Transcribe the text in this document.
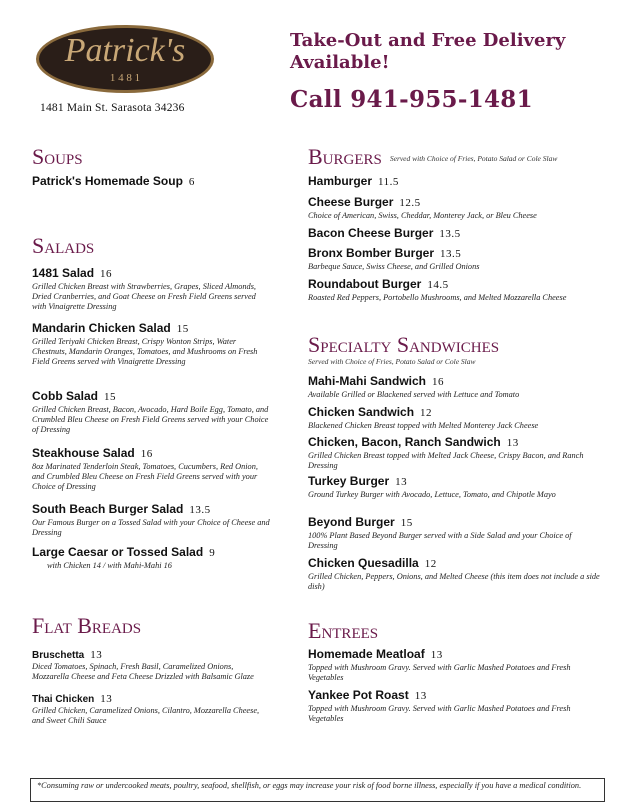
Patrick's
1 4 8 1
1481 Main St. Sarasota 34236
Take-Out and Free Delivery Available!
Call 941-955-1481
Soups
Patrick's Homemade Soup 6
Salads
1481 Salad 16
Grilled Chicken Breast with Strawberries, Grapes, Sliced Almonds, Dried Cranberries, and Goat Cheese on Fresh Field Greens served with Vinaigrette Dressing
Mandarin Chicken Salad 15
Grilled Teriyaki Chicken Breast, Crispy Wonton Strips, Water Chestnuts, Mandarin Oranges, Tomatoes, and Mushrooms on Fresh Field Greens served with Vinaigrette Dressing
Cobb Salad 15
Grilled Chicken Breast, Bacon, Avocado, Hard Boile Egg, Tomato, and Crumbled Bleu Cheese on Fresh Field Greens served with your Choice of Dressing
Steakhouse Salad 16
8oz Marinated Tenderloin Steak, Tomatoes, Cucumbers, Red Onion, and Crumbled Bleu Cheese on Fresh Field Greens served with your Choice of Dressing
South Beach Burger Salad 13.5
Our Famous Burger on a Tossed Salad with your Choice of Cheese and Dressing
Large Caesar or Tossed Salad 9
with Chicken 14 / with Mahi-Mahi 16
Flat Breads
Bruschetta 13
Diced Tomatoes, Spinach, Fresh Basil, Caramelized Onions, Mozzarella Cheese and Feta Cheese Drizzled with Balsamic Glaze
Thai Chicken 13
Grilled Chicken, Caramelized Onions, Cilantro, Mozzarella Cheese, and Sweet Chili Sauce
Burgers Served with Choice of Fries, Potato Salad or Cole Slaw
Hamburger 11.5
Cheese Burger 12.5
Choice of American, Swiss, Cheddar, Monterey Jack, or Bleu Cheese
Bacon Cheese Burger 13.5
Bronx Bomber Burger 13.5
Barbeque Sauce, Swiss Cheese, and Grilled Onions
Roundabout Burger 14.5
Roasted Red Peppers, Portobello Mushrooms, and Melted Mozzarella Cheese
Specialty Sandwiches
Served with Choice of Fries, Potato Salad or Cole Slaw
Mahi-Mahi Sandwich 16
Available Grilled or Blackened served with Lettuce and Tomato
Chicken Sandwich 12
Blackened Chicken Breast topped with Melted Monterey Jack Cheese
Chicken, Bacon, Ranch Sandwich 13
Grilled Chicken Breast topped with Melted Jack Cheese, Crispy Bacon, and Ranch Dressing
Turkey Burger 13
Ground Turkey Burger with Avocado, Lettuce, Tomato, and Chipotle Mayo
Beyond Burger 15
100% Plant Based Beyond Burger served with a Side Salad and your Choice of Dressing
Chicken Quesadilla 12
Grilled Chicken, Peppers, Onions, and Melted Cheese (this item does not include a side dish)
Entrees
Homemade Meatloaf 13
Topped with Mushroom Gravy. Served with Garlic Mashed Potatoes and Fresh Vegetables
Yankee Pot Roast 13
Topped with Mushroom Gravy. Served with Garlic Mashed Potatoes and Fresh Vegetables
*Consuming raw or undercooked meats, poultry, seafood, shellfish, or eggs may increase your risk of food borne illness, especially if you have a medical condition.
